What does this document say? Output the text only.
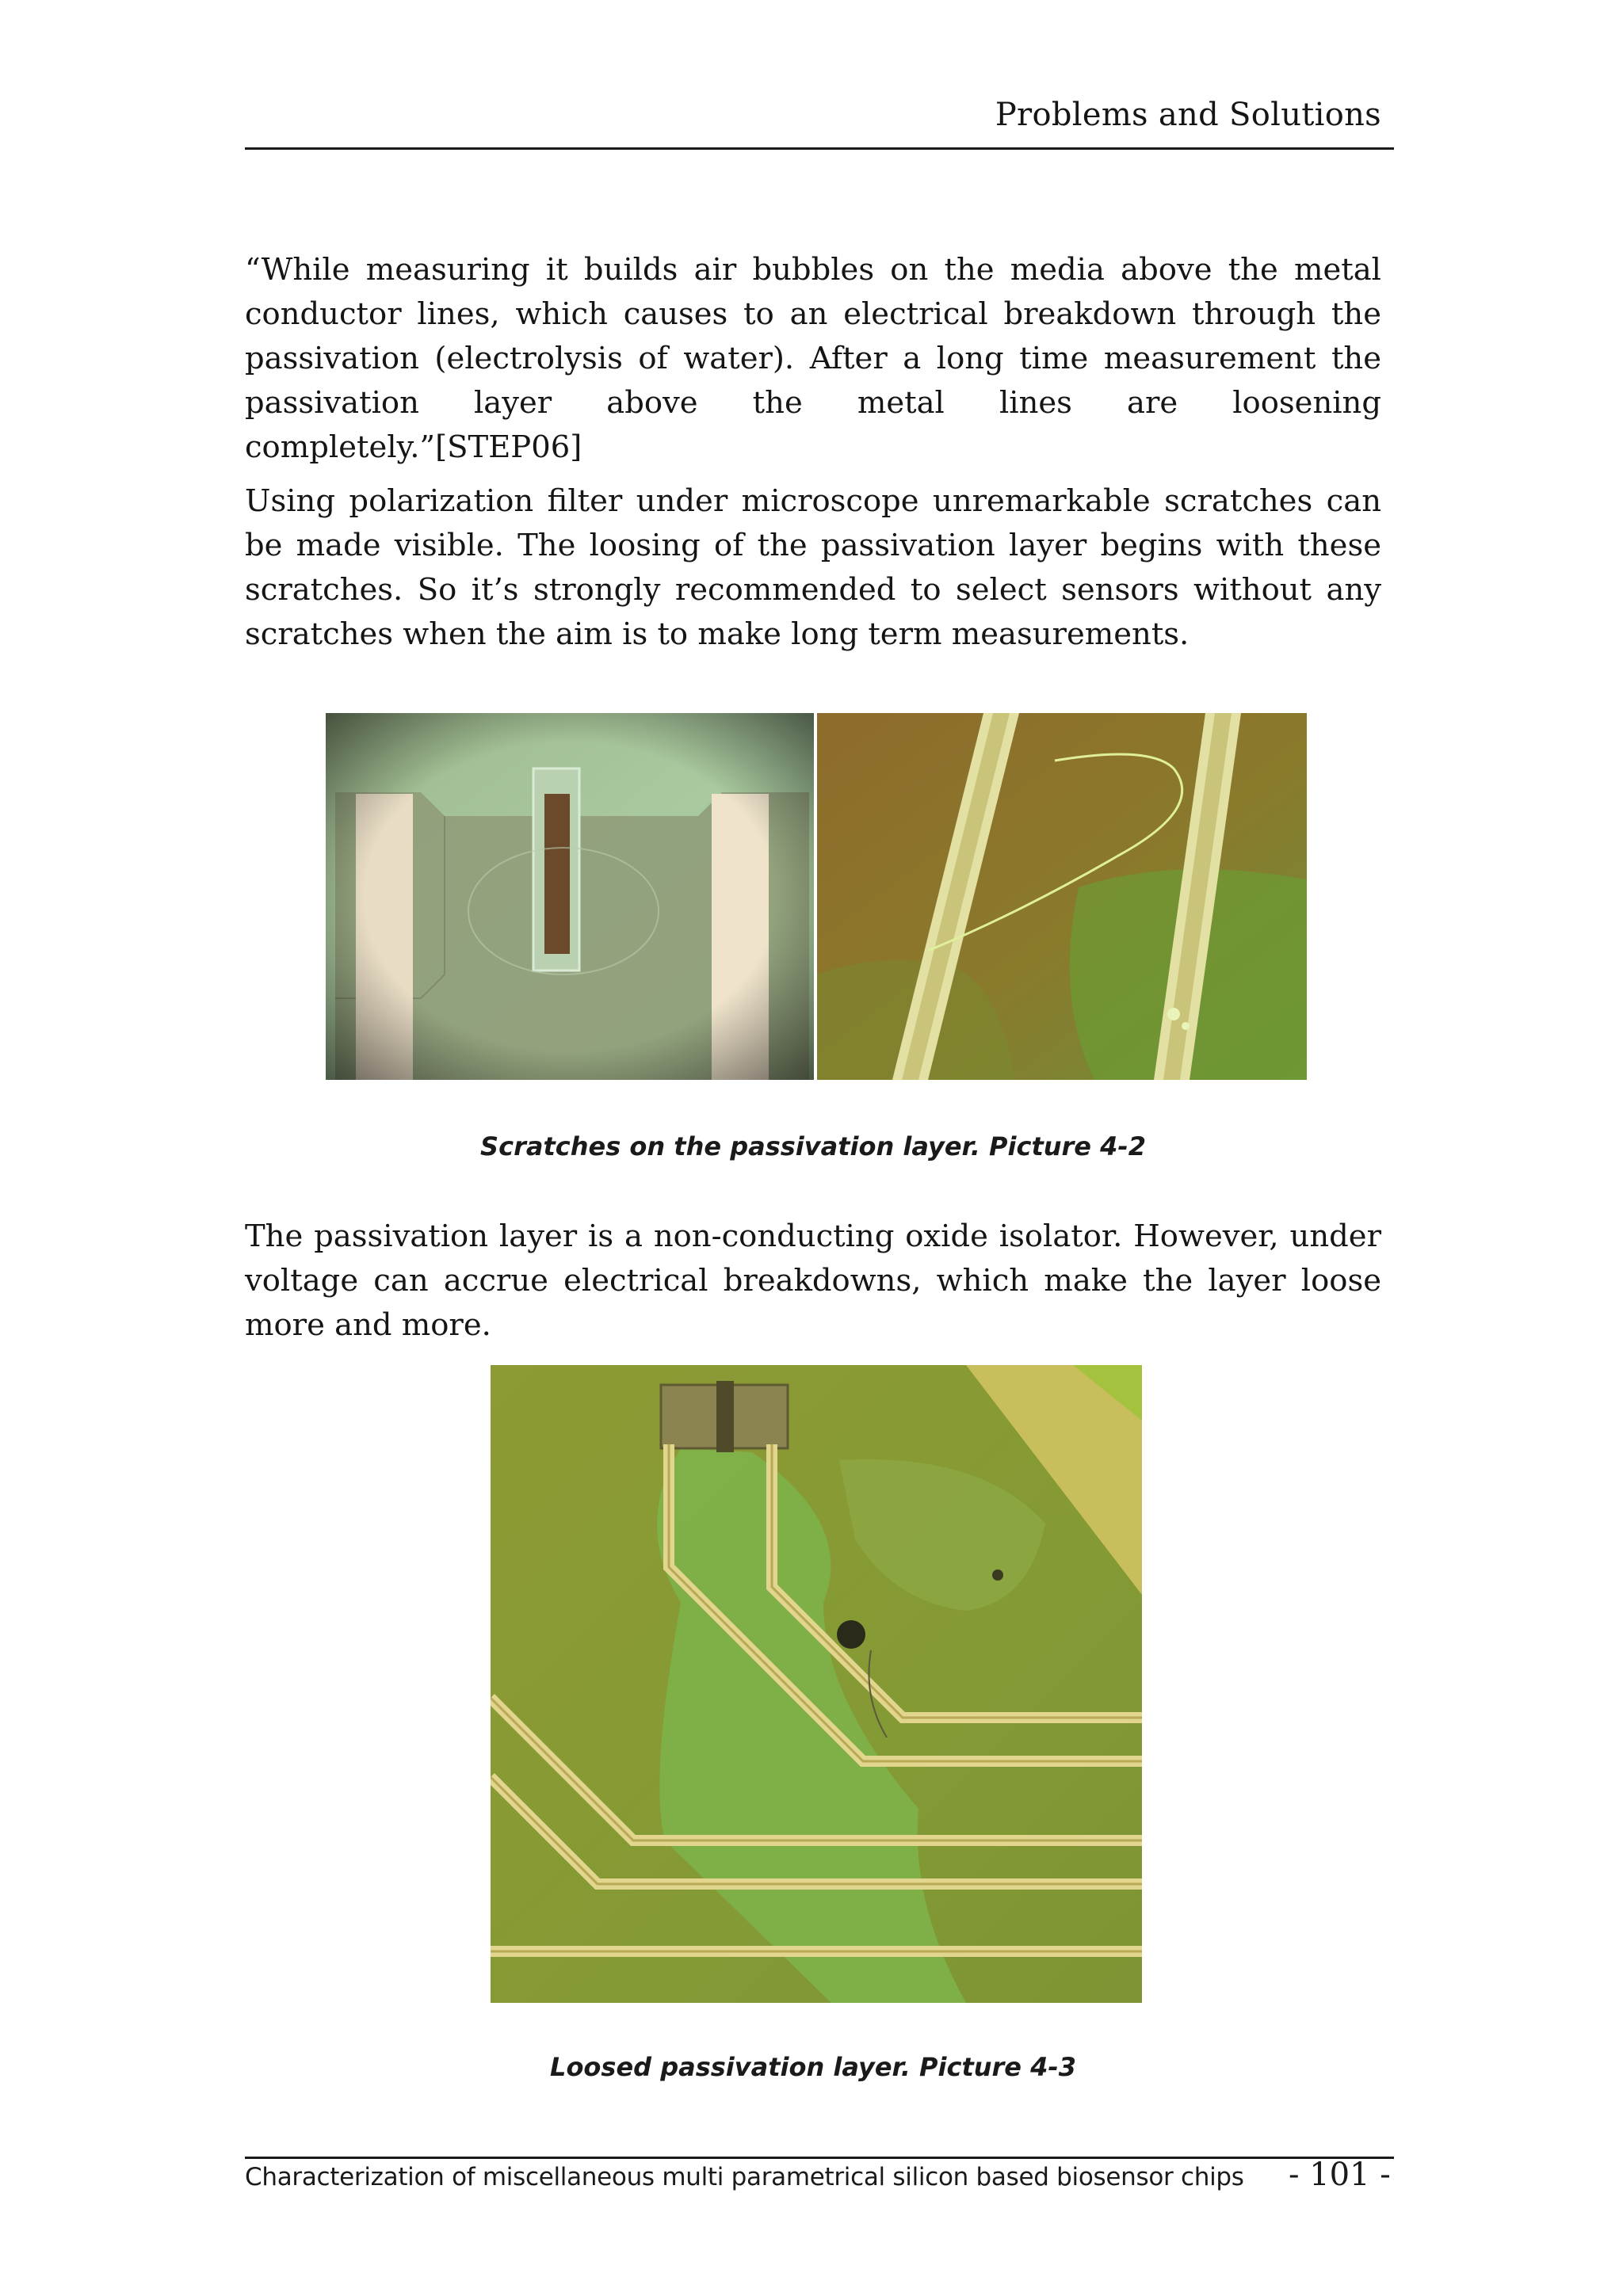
Problems and Solutions

“While measuring it builds air bubbles on the media above the metal conductor lines, which causes to an electrical breakdown through the passivation (electrolysis of water). After a long time measurement the passivation layer above the metal lines are loosening completely.”[STEP06]

Using polarization filter under microscope unremarkable scratches can be made visible. The loosing of the passivation layer begins with these scratches. So it’s strongly recommended to select sensors without any scratches when the aim is to make long term measurements.

Scratches on the passivation layer. Picture 4-2

The passivation layer is a non-conducting oxide isolator. However, under voltage can accrue electrical breakdowns, which make the layer loose more and more.

Loosed passivation layer. Picture 4-3
Characterization of miscellaneous multi parametrical silicon based biosensor chips - 101 -
